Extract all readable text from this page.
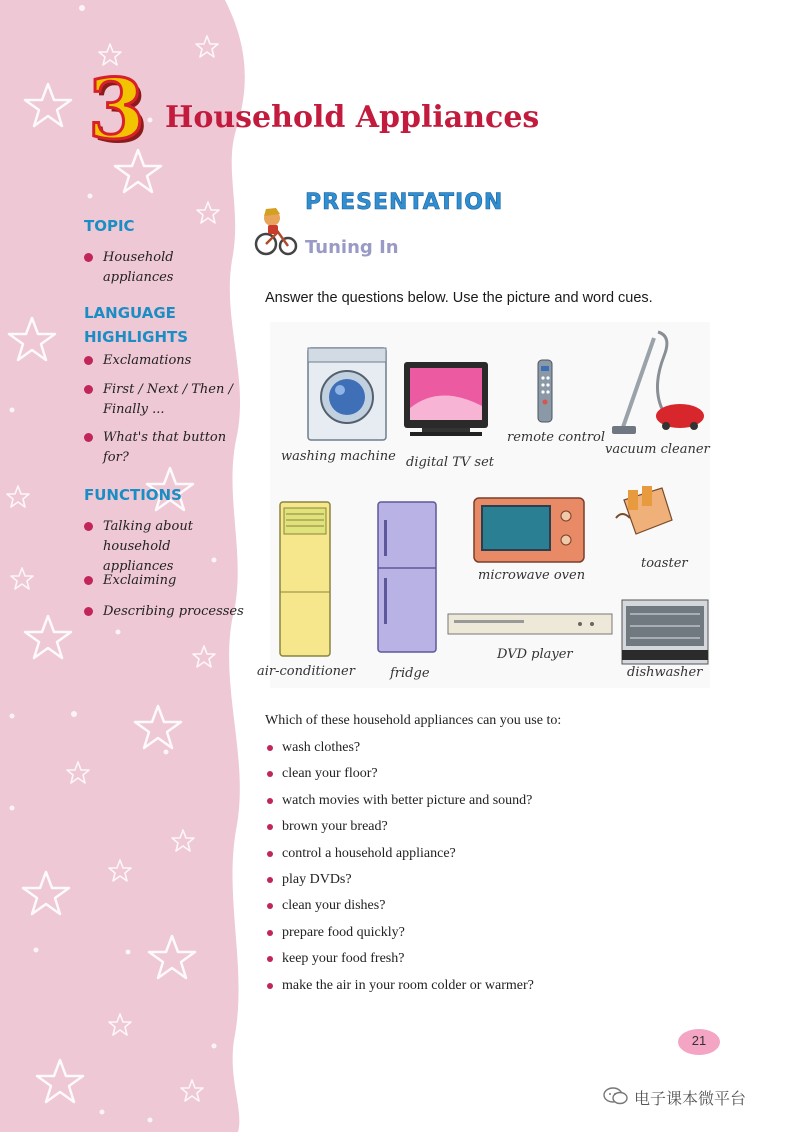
3 Household Appliances
TOPIC
Household appliances
LANGUAGE
HIGHLIGHTS
Exclamations
First / Next / Then /
Finally ...
What's that button for?
FUNCTIONS
Talking about
household appliances
Exclaiming
Describing processes
PRESENTATION
Tuning In
Answer the questions below. Use the picture and word cues.
washing machine digital TV set
remote control
vacuum cleaner
air-conditioner	fridge
microwave oven
toaster
DVD player
dishwasher
Which of these household appliances can you use to:
wash clothes?
clean your floor?
watch movies with better picture and sound?
brown your bread?
control a household appliance?
play DVDs?
clean your dishes?
prepare food quickly?
keep your food fresh?
make the air in your room colder or warmer?
21
电子课本微平台
